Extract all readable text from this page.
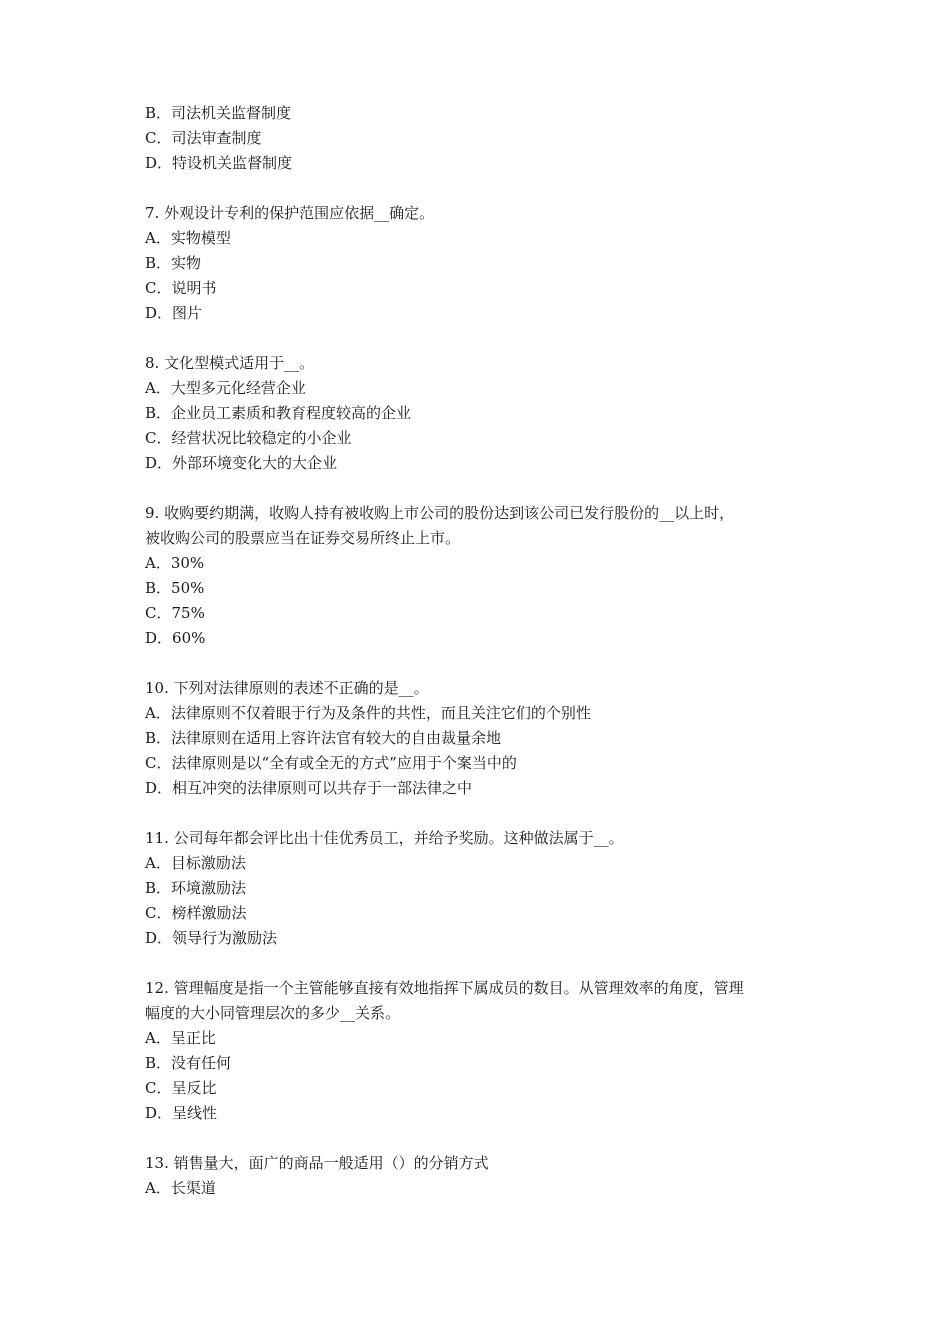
B．司法机关监督制度
C．司法审查制度
D．特设机关监督制度
7. 外观设计专利的保护范围应依据__确定。
A．实物模型
B．实物
C．说明书
D．图片
8. 文化型模式适用于__。
A．大型多元化经营企业
B．企业员工素质和教育程度较高的企业
C．经营状况比较稳定的小企业
D．外部环境变化大的大企业
9. 收购要约期满，收购人持有被收购上市公司的股份达到该公司已发行股份的__以上时，
被收购公司的股票应当在证券交易所终止上市。
A．30%
B．50%
C．75%
D．60%
10. 下列对法律原则的表述不正确的是__。
A．法律原则不仅着眼于行为及条件的共性，而且关注它们的个别性
B．法律原则在适用上容许法官有较大的自由裁量余地
C．法律原则是以“全有或全无的方式”应用于个案当中的
D．相互冲突的法律原则可以共存于一部法律之中
11. 公司每年都会评比出十佳优秀员工，并给予奖励。这种做法属于__。
A．目标激励法
B．环境激励法
C．榜样激励法
D．领导行为激励法
12. 管理幅度是指一个主管能够直接有效地指挥下属成员的数目。从管理效率的角度，管理
幅度的大小同管理层次的多少__关系。
A．呈正比
B．没有任何
C．呈反比
D．呈线性
13. 销售量大，面广的商品一般适用（）的分销方式
A．长渠道
